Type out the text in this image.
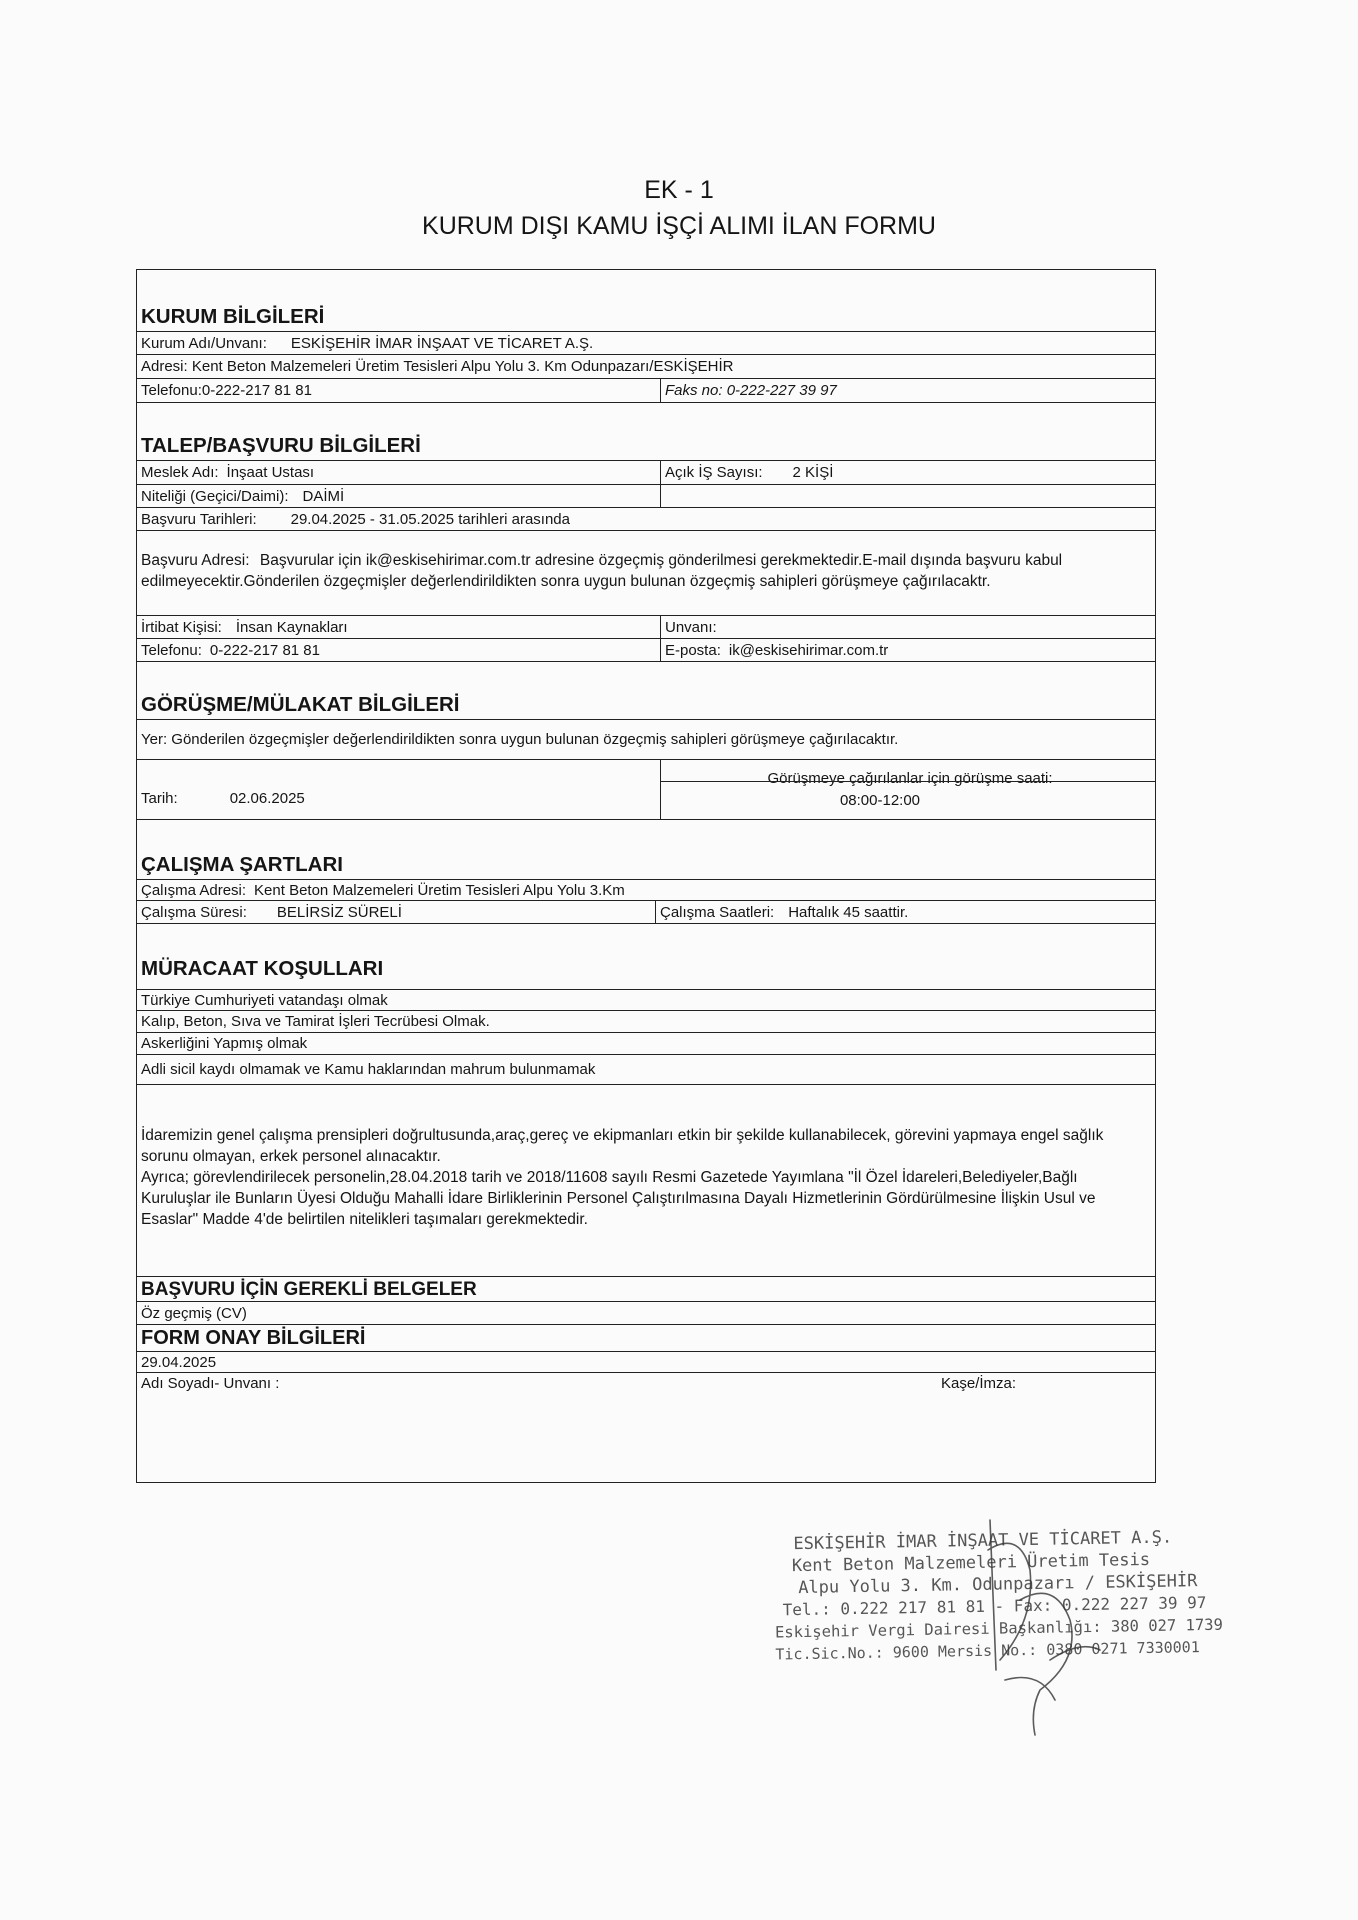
EK - 1
KURUM DIŞI KAMU İŞÇİ ALIMI İLAN FORMU
KURUM BİLGİLERİ
Kurum Adı/Unvanı: ESKİŞEHİR İMAR İNŞAAT VE TİCARET A.Ş.
Adresi: Kent Beton Malzemeleri Üretim Tesisleri Alpu Yolu 3. Km Odunpazarı/ESKİŞEHİR
Telefonu:0-222-217 81 81	Faks no: 0-222-227 39 97
TALEP/BAŞVURU BİLGİLERİ
Meslek Adı: İnşaat Ustası	Açık İŞ Sayısı: 2 KİŞİ
Niteliği (Geçici/Daimi): DAİMİ
Başvuru Tarihleri: 29.04.2025 - 31.05.2025 tarihleri arasında
Başvuru Adresi: Başvurular için ik@eskisehirimar.com.tr adresine özgeçmiş gönderilmesi gerekmektedir.E-mail dışında başvuru kabul edilmeyecektir.Gönderilen özgeçmişler değerlendirildikten sonra uygun bulunan özgeçmiş sahipleri görüşmeye çağırılacaktr.
İrtibat Kişisi: İnsan Kaynakları	Unvanı:
Telefonu: 0-222-217 81 81	E-posta: ik@eskisehirimar.com.tr
GÖRÜŞME/MÜLAKAT BİLGİLERİ
Yer: Gönderilen özgeçmişler değerlendirildikten sonra uygun bulunan özgeçmiş sahipleri görüşmeye çağırılacaktır.
Tarih:	02.06.2025
Görüşmeye çağırılanlar için görüşme saati:
08:00-12:00
ÇALIŞMA ŞARTLARI
Çalışma Adresi: Kent Beton Malzemeleri Üretim Tesisleri Alpu Yolu 3.Km
Çalışma Süresi: BELİRSİZ SÜRELİ	Çalışma Saatleri: Haftalık 45 saattir.
MÜRACAAT KOŞULLARI
Türkiye Cumhuriyeti vatandaşı olmak
Kalıp, Beton, Sıva ve Tamirat İşleri Tecrübesi Olmak.
Askerliğini Yapmış olmak
Adli sicil kaydı olmamak ve Kamu haklarından mahrum bulunmamak
İdaremizin genel çalışma prensipleri doğrultusunda,araç,gereç ve ekipmanları etkin bir şekilde kullanabilecek, görevini yapmaya engel sağlık sorunu olmayan, erkek personel alınacaktır.
Ayrıca; görevlendirilecek personelin,28.04.2018 tarih ve 2018/11608 sayılı Resmi Gazetede Yayımlana "İl Özel İdareleri,Belediyeler,Bağlı Kuruluşlar ile Bunların Üyesi Olduğu Mahalli İdare Birliklerinin Personel Çalıştırılmasına Dayalı Hizmetlerinin Gördürülmesine İlişkin Usul ve Esaslar" Madde 4'de belirtilen nitelikleri taşımaları gerekmektedir.
BAŞVURU İÇİN GEREKLİ BELGELER
Öz geçmiş (CV)
FORM ONAY BİLGİLERİ
29.04.2025
Adı Soyadı- Unvanı :	Kaşe/İmza:
ESKİŞEHİR İMAR İNŞAAT VE TİCARET A.Ş.
Kent Beton Malzemeleri Üretim Tesis
Alpu Yolu 3. Km. Odunpazarı / ESKİŞEHİR
Tel.: 0.222 217 81 81 - Fax: 0.222 227 39 97
Eskişehir Vergi Dairesi Başkanlığı: 380 027 1739
Tic.Sic.No.: 9600 Mersis No.: 0380 0271 7330001
